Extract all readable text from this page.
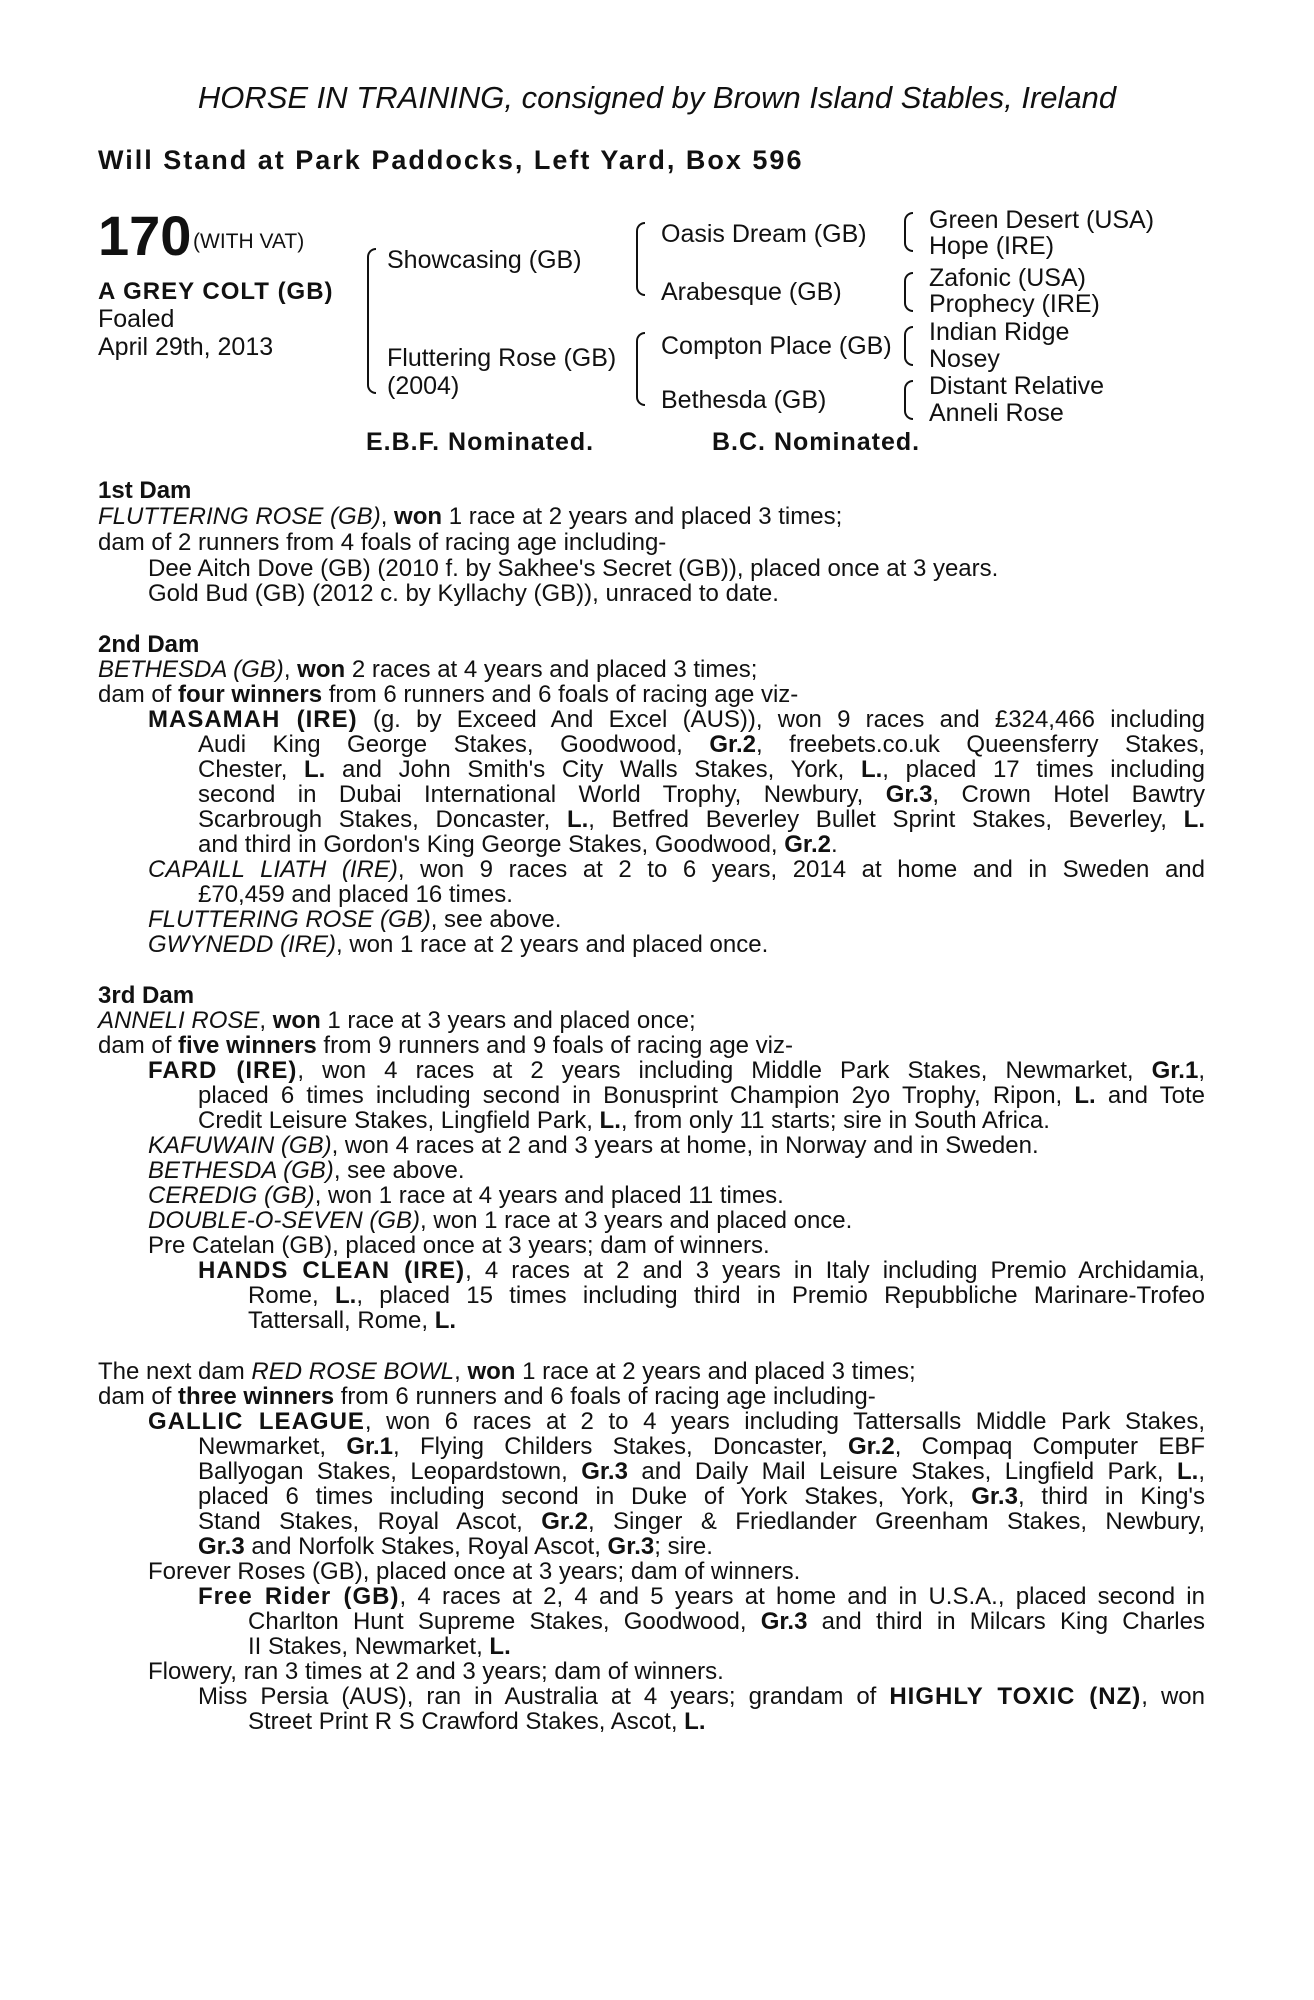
HORSE IN TRAINING, consigned by Brown Island Stables, Ireland
Will Stand at Park Paddocks, Left Yard, Box 596
170 (WITH VAT)
A GREY COLT (GB)
Foaled
April 29th, 2013
Showcasing (GB)
Fluttering Rose (GB)
(2004)
Oasis Dream (GB)
Arabesque (GB)
Compton Place (GB)
Bethesda (GB)
Green Desert (USA)
Hope (IRE)
Zafonic (USA)
Prophecy (IRE)
Indian Ridge
Nosey
Distant Relative
Anneli Rose
E.B.F. Nominated.	B.C. Nominated.
1st Dam
FLUTTERING ROSE (GB), won 1 race at 2 years and placed 3 times;
dam of 2 runners from 4 foals of racing age including-
Dee Aitch Dove (GB) (2010 f. by Sakhee's Secret (GB)), placed once at 3 years.
Gold Bud (GB) (2012 c. by Kyllachy (GB)), unraced to date.
2nd Dam
BETHESDA (GB), won 2 races at 4 years and placed 3 times;
dam of four winners from 6 runners and 6 foals of racing age viz-
MASAMAH (IRE) (g. by Exceed And Excel (AUS)), won 9 races and £324,466 including
Audi King George Stakes, Goodwood, Gr.2, freebets.co.uk Queensferry Stakes,
Chester, L. and John Smith's City Walls Stakes, York, L., placed 17 times including
second in Dubai International World Trophy, Newbury, Gr.3, Crown Hotel Bawtry
Scarbrough Stakes, Doncaster, L., Betfred Beverley Bullet Sprint Stakes, Beverley, L.
and third in Gordon's King George Stakes, Goodwood, Gr.2.
CAPAILL LIATH (IRE), won 9 races at 2 to 6 years, 2014 at home and in Sweden and
£70,459 and placed 16 times.
FLUTTERING ROSE (GB), see above.
GWYNEDD (IRE), won 1 race at 2 years and placed once.
3rd Dam
ANNELI ROSE, won 1 race at 3 years and placed once;
dam of five winners from 9 runners and 9 foals of racing age viz-
FARD (IRE), won 4 races at 2 years including Middle Park Stakes, Newmarket, Gr.1,
placed 6 times including second in Bonusprint Champion 2yo Trophy, Ripon, L. and Tote
Credit Leisure Stakes, Lingfield Park, L., from only 11 starts; sire in South Africa.
KAFUWAIN (GB), won 4 races at 2 and 3 years at home, in Norway and in Sweden.
BETHESDA (GB), see above.
CEREDIG (GB), won 1 race at 4 years and placed 11 times.
DOUBLE-O-SEVEN (GB), won 1 race at 3 years and placed once.
Pre Catelan (GB), placed once at 3 years; dam of winners.
HANDS CLEAN (IRE), 4 races at 2 and 3 years in Italy including Premio Archidamia,
Rome, L., placed 15 times including third in Premio Repubbliche Marinare-Trofeo
Tattersall, Rome, L.
The next dam RED ROSE BOWL, won 1 race at 2 years and placed 3 times;
dam of three winners from 6 runners and 6 foals of racing age including-
GALLIC LEAGUE, won 6 races at 2 to 4 years including Tattersalls Middle Park Stakes,
Newmarket, Gr.1, Flying Childers Stakes, Doncaster, Gr.2, Compaq Computer EBF
Ballyogan Stakes, Leopardstown, Gr.3 and Daily Mail Leisure Stakes, Lingfield Park, L.,
placed 6 times including second in Duke of York Stakes, York, Gr.3, third in King's
Stand Stakes, Royal Ascot, Gr.2, Singer & Friedlander Greenham Stakes, Newbury,
Gr.3 and Norfolk Stakes, Royal Ascot, Gr.3; sire.
Forever Roses (GB), placed once at 3 years; dam of winners.
Free Rider (GB), 4 races at 2, 4 and 5 years at home and in U.S.A., placed second in
Charlton Hunt Supreme Stakes, Goodwood, Gr.3 and third in Milcars King Charles
II Stakes, Newmarket, L.
Flowery, ran 3 times at 2 and 3 years; dam of winners.
Miss Persia (AUS), ran in Australia at 4 years; grandam of HIGHLY TOXIC (NZ), won
Street Print R S Crawford Stakes, Ascot, L.
